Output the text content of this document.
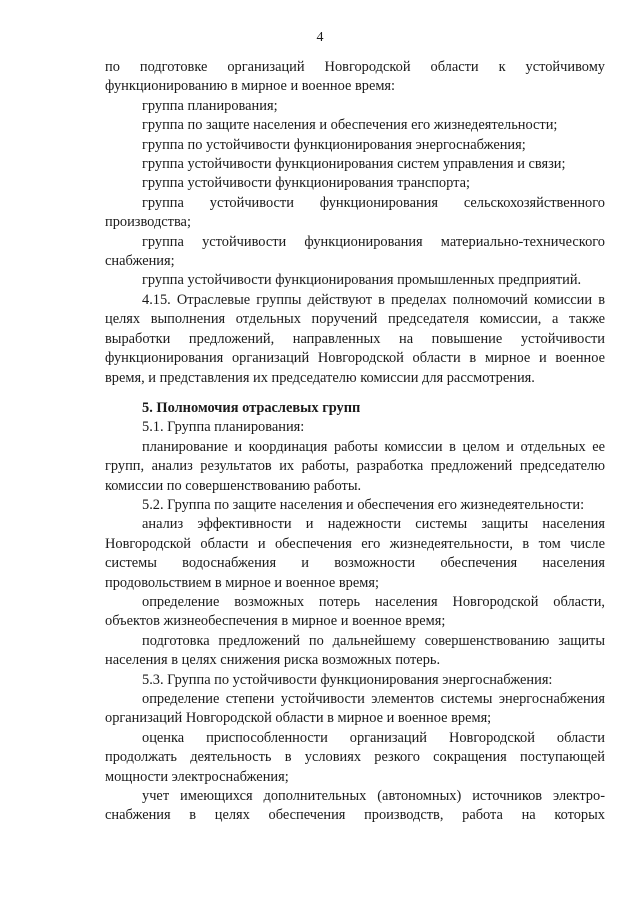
4

по подготовке организаций Новгородской области к устойчивому функционированию в мирное и военное время:

группа планирования;

группа по защите населения и обеспечения его жизнедеятельности;

группа по устойчивости функционирования энергоснабжения;

группа устойчивости функционирования систем управления и связи;

группа устойчивости функционирования транспорта;

группа устойчивости функционирования сельскохозяйственного производства;

группа устойчивости функционирования материально-технического снабжения;

группа устойчивости функционирования промышленных предприятий.

4.15. Отраслевые группы действуют в пределах полномочий комиссии в целях выполнения отдельных поручений председателя комиссии, а также выработки предложений, направленных на повышение устойчивости функционирования организаций Новгородской области в мирное и военное время, и представления их председателю комиссии для рассмотрения.

5. Полномочия отраслевых групп

5.1. Группа планирования:

планирование и координация работы комиссии в целом и отдельных ее групп, анализ результатов их работы, разработка предложений председателю комиссии по совершенствованию работы.

5.2. Группа по защите населения и обеспечения его жизнедеятельности:

анализ эффективности и надежности системы защиты населения Новгородской области и обеспечения его жизнедеятельности, в том числе системы водоснабжения и возможности обеспечения населения продовольствием в мирное и военное время;

определение возможных потерь населения Новгородской области, объектов жизнеобеспечения в мирное и военное время;

подготовка предложений по дальнейшему совершенствованию защиты населения в целях снижения риска возможных потерь.

5.3. Группа по устойчивости функционирования энергоснабжения:

определение степени устойчивости элементов системы энергоснабжения организаций Новгородской области в мирное и военное время;

оценка приспособленности организаций Новгородской области продолжать деятельность в условиях резкого сокращения поступающей мощности электроснабжения;

учет имеющихся дополнительных (автономных) источников электро-снабжения в целях обеспечения производств, работа на которых
